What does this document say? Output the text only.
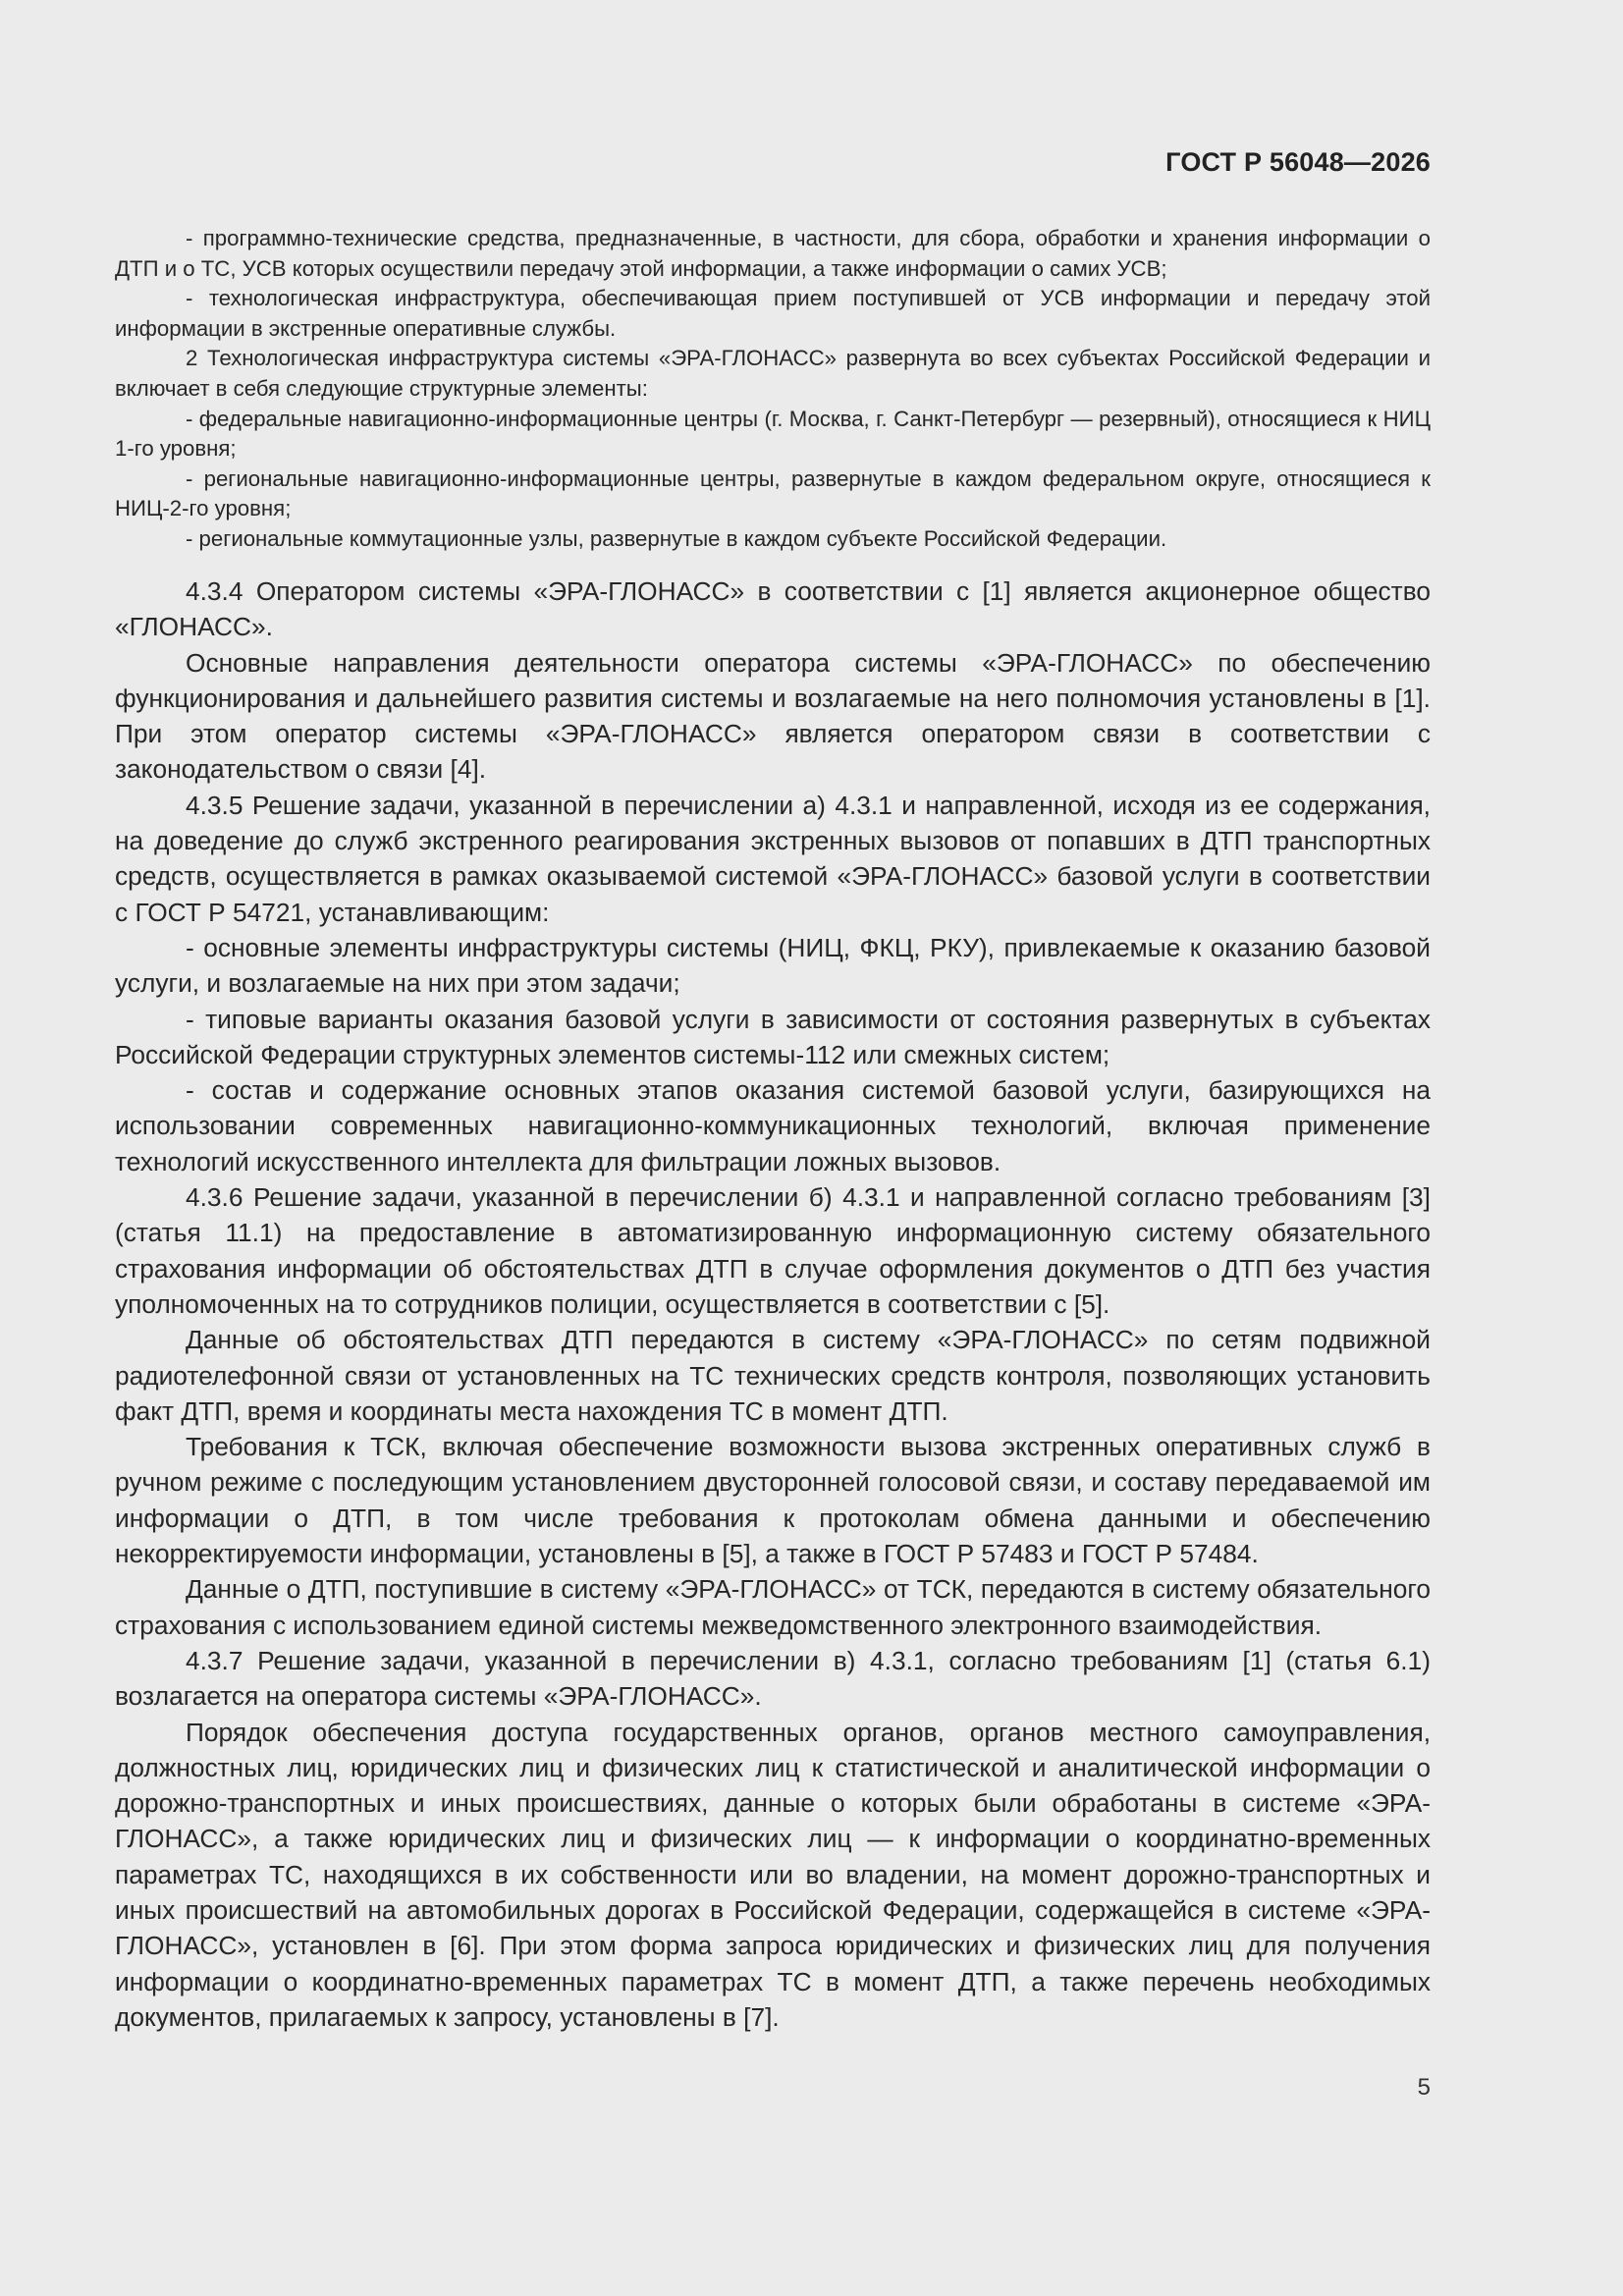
ГОСТ Р 56048—2026

- программно-технические средства, предназначенные, в частности, для сбора, обработки и хранения информации о ДТП и о ТС, УСВ которых осуществили передачу этой информации, а также информации о самих УСВ;

- технологическая инфраструктура, обеспечивающая прием поступившей от УСВ информации и передачу этой информации в экстренные оперативные службы.

2 Технологическая инфраструктура системы «ЭРА-ГЛОНАСС» развернута во всех субъектах Российской Федерации и включает в себя следующие структурные элементы:

- федеральные навигационно-информационные центры (г. Москва, г. Санкт-Петербург — резервный), относящиеся к НИЦ 1-го уровня;

- региональные навигационно-информационные центры, развернутые в каждом федеральном округе, относящиеся к НИЦ-2-го уровня;

- региональные коммутационные узлы, развернутые в каждом субъекте Российской Федерации.

4.3.4 Оператором системы «ЭРА-ГЛОНАСС» в соответствии с [1] является акционерное общество «ГЛОНАСС».

Основные направления деятельности оператора системы «ЭРА-ГЛОНАСС» по обеспечению функционирования и дальнейшего развития системы и возлагаемые на него полномочия установлены в [1]. При этом оператор системы «ЭРА-ГЛОНАСС» является оператором связи в соответствии с законодательством о связи [4].

4.3.5 Решение задачи, указанной в перечислении а) 4.3.1 и направленной, исходя из ее содержания, на доведение до служб экстренного реагирования экстренных вызовов от попавших в ДТП транспортных средств, осуществляется в рамках оказываемой системой «ЭРА-ГЛОНАСС» базовой услуги в соответствии с ГОСТ Р 54721, устанавливающим:

- основные элементы инфраструктуры системы (НИЦ, ФКЦ, РКУ), привлекаемые к оказанию базовой услуги, и возлагаемые на них при этом задачи;

- типовые варианты оказания базовой услуги в зависимости от состояния развернутых в субъектах Российской Федерации структурных элементов системы-112 или смежных систем;

- состав и содержание основных этапов оказания системой базовой услуги, базирующихся на использовании современных навигационно-коммуникационных технологий, включая применение технологий искусственного интеллекта для фильтрации ложных вызовов.

4.3.6 Решение задачи, указанной в перечислении б) 4.3.1 и направленной согласно требованиям [3] (статья 11.1) на предоставление в автоматизированную информационную систему обязательного страхования информации об обстоятельствах ДТП в случае оформления документов о ДТП без участия уполномоченных на то сотрудников полиции, осуществляется в соответствии с [5].

Данные об обстоятельствах ДТП передаются в систему «ЭРА-ГЛОНАСС» по сетям подвижной радиотелефонной связи от установленных на ТС технических средств контроля, позволяющих установить факт ДТП, время и координаты места нахождения ТС в момент ДТП.

Требования к ТСК, включая обеспечение возможности вызова экстренных оперативных служб в ручном режиме с последующим установлением двусторонней голосовой связи, и составу передаваемой им информации о ДТП, в том числе требования к протоколам обмена данными и обеспечению некорректируемости информации, установлены в [5], а также в ГОСТ Р 57483 и ГОСТ Р 57484.

Данные о ДТП, поступившие в систему «ЭРА-ГЛОНАСС» от ТСК, передаются в систему обязательного страхования с использованием единой системы межведомственного электронного взаимодействия.

4.3.7 Решение задачи, указанной в перечислении в) 4.3.1, согласно требованиям [1] (статья 6.1) возлагается на оператора системы «ЭРА-ГЛОНАСС».

Порядок обеспечения доступа государственных органов, органов местного самоуправления, должностных лиц, юридических лиц и физических лиц к статистической и аналитической информации о дорожно-транспортных и иных происшествиях, данные о которых были обработаны в системе «ЭРА-ГЛОНАСС», а также юридических лиц и физических лиц — к информации о координатно-временных параметрах ТС, находящихся в их собственности или во владении, на момент дорожно-транспортных и иных происшествий на автомобильных дорогах в Российской Федерации, содержащейся в системе «ЭРА-ГЛОНАСС», установлен в [6]. При этом форма запроса юридических и физических лиц для получения информации о координатно-временных параметрах ТС в момент ДТП, а также перечень необходимых документов, прилагаемых к запросу, установлены в [7].

5
